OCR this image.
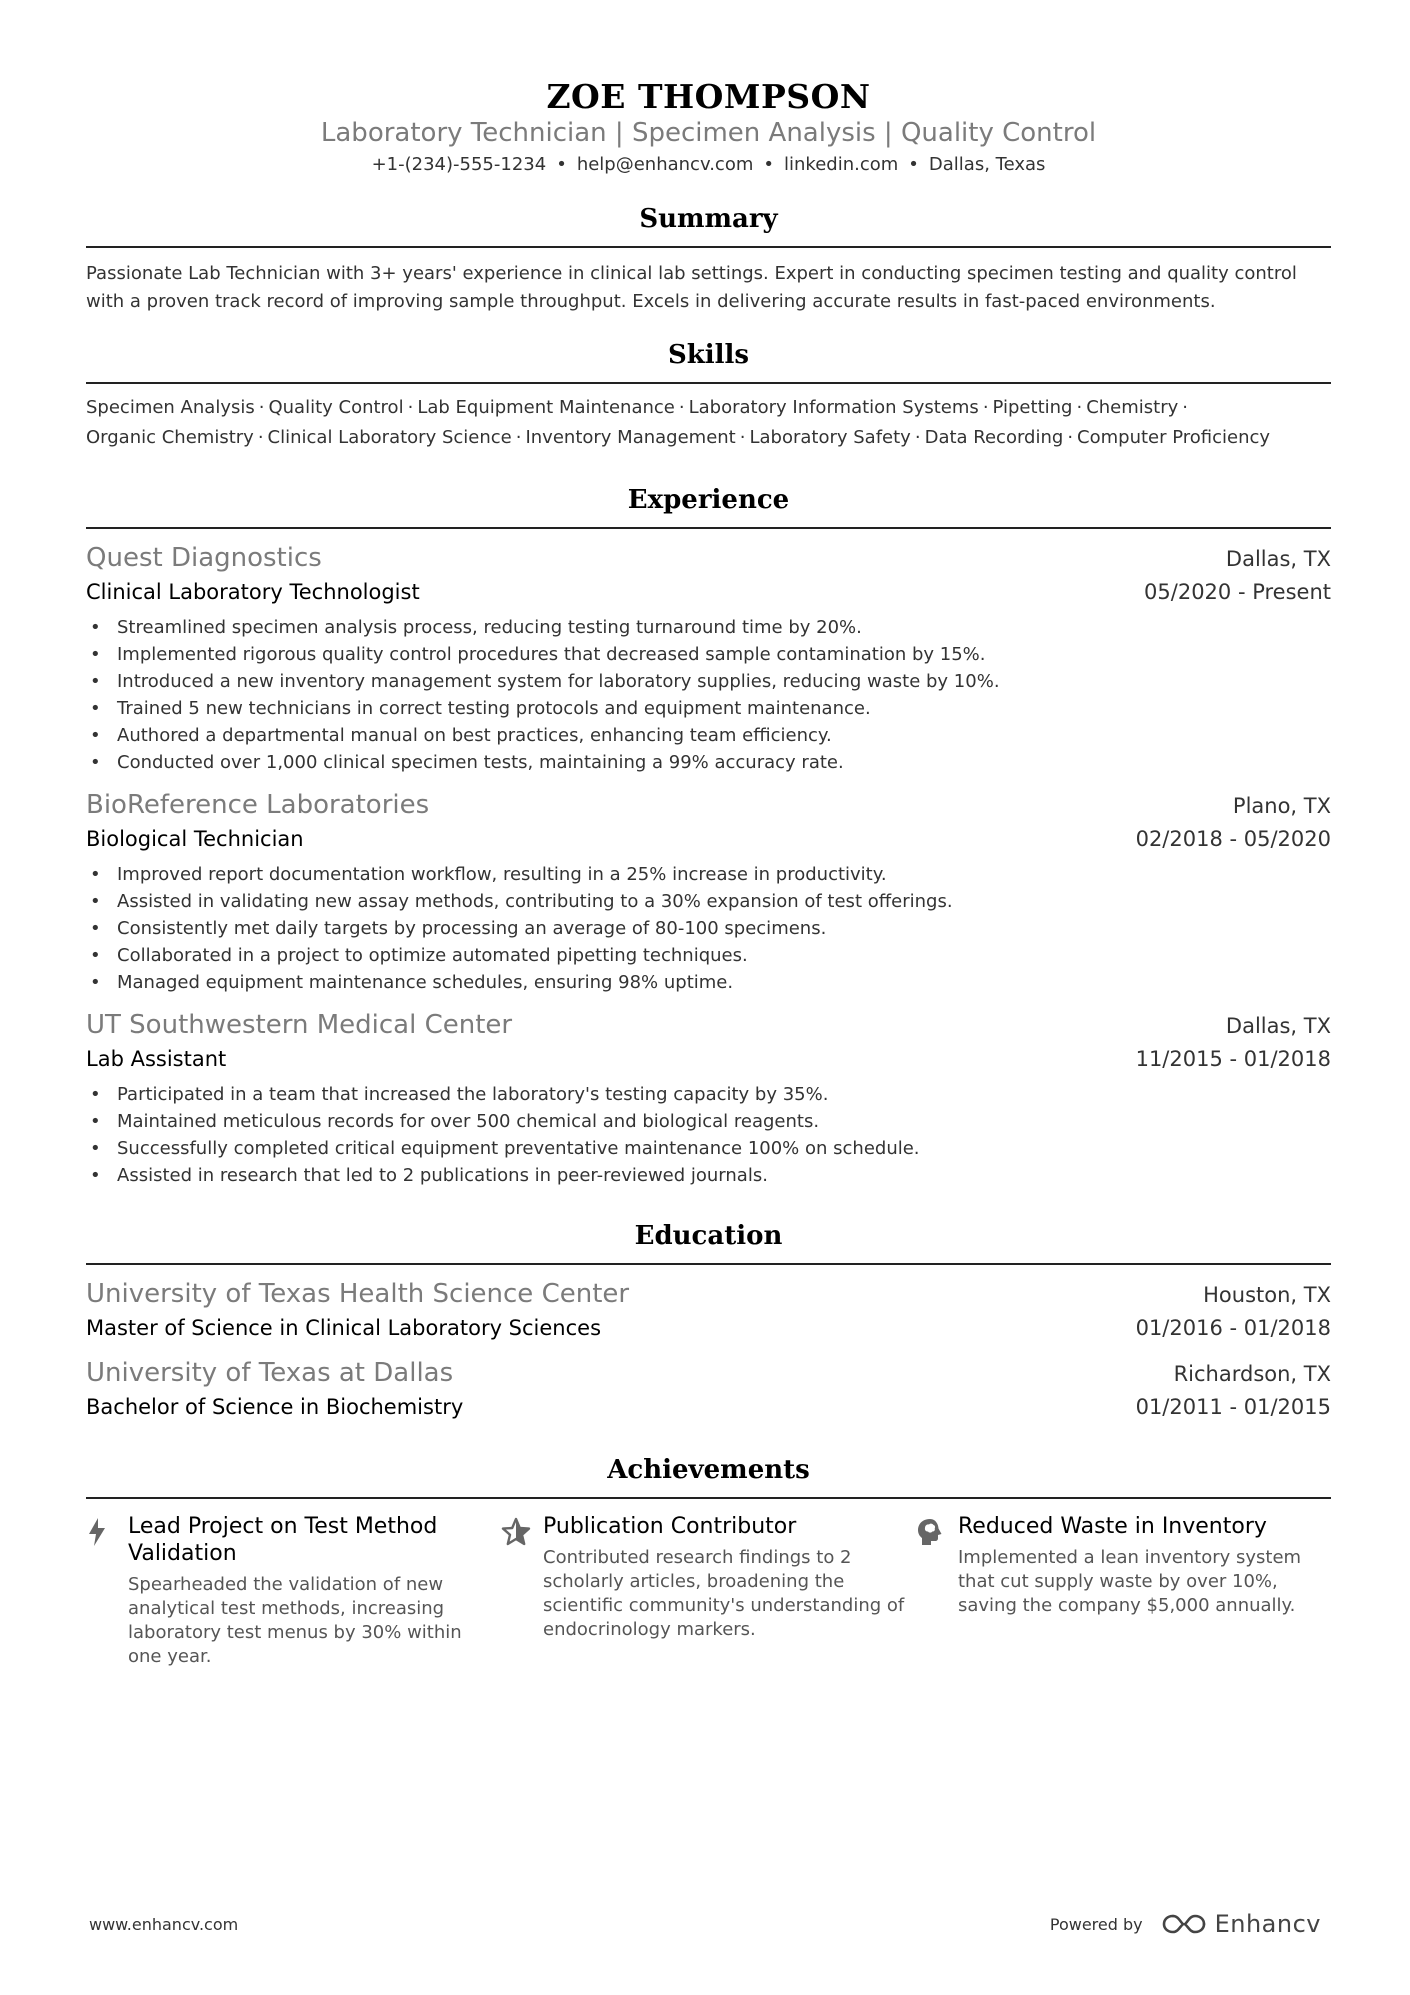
ZOE THOMPSON
Laboratory Technician | Specimen Analysis | Quality Control
+1-(234)-555-1234 • help@enhancv.com • linkedin.com • Dallas, Texas
Summary
Passionate Lab Technician with 3+ years' experience in clinical lab settings. Expert in conducting specimen testing and quality control with a proven track record of improving sample throughput. Excels in delivering accurate results in fast-paced environments.
Skills
Specimen Analysis · Quality Control · Lab Equipment Maintenance · Laboratory Information Systems · Pipetting · Chemistry ·
Organic Chemistry · Clinical Laboratory Science · Inventory Management · Laboratory Safety · Data Recording · Computer Proficiency
Experience
Quest Diagnostics	Dallas, TX
Clinical Laboratory Technologist	05/2020 - Present
• Streamlined specimen analysis process, reducing testing turnaround time by 20%.
• Implemented rigorous quality control procedures that decreased sample contamination by 15%.
• Introduced a new inventory management system for laboratory supplies, reducing waste by 10%.
• Trained 5 new technicians in correct testing protocols and equipment maintenance.
• Authored a departmental manual on best practices, enhancing team efficiency.
• Conducted over 1,000 clinical specimen tests, maintaining a 99% accuracy rate.
BioReference Laboratories	Plano, TX
Biological Technician	02/2018 - 05/2020
• Improved report documentation workflow, resulting in a 25% increase in productivity.
• Assisted in validating new assay methods, contributing to a 30% expansion of test offerings.
• Consistently met daily targets by processing an average of 80-100 specimens.
• Collaborated in a project to optimize automated pipetting techniques.
• Managed equipment maintenance schedules, ensuring 98% uptime.
UT Southwestern Medical Center	Dallas, TX
Lab Assistant	11/2015 - 01/2018
• Participated in a team that increased the laboratory's testing capacity by 35%.
• Maintained meticulous records for over 500 chemical and biological reagents.
• Successfully completed critical equipment preventative maintenance 100% on schedule.
• Assisted in research that led to 2 publications in peer-reviewed journals.
Education
University of Texas Health Science Center	Houston, TX
Master of Science in Clinical Laboratory Sciences	01/2016 - 01/2018
University of Texas at Dallas	Richardson, TX
Bachelor of Science in Biochemistry	01/2011 - 01/2015
Achievements
Lead Project on Test Method Validation
Spearheaded the validation of new analytical test methods, increasing laboratory test menus by 30% within one year.
Publication Contributor
Contributed research findings to 2 scholarly articles, broadening the scientific community's understanding of endocrinology markers.
Reduced Waste in Inventory
Implemented a lean inventory system that cut supply waste by over 10%, saving the company $5,000 annually.
www.enhancv.com	Powered by	Enhancv
